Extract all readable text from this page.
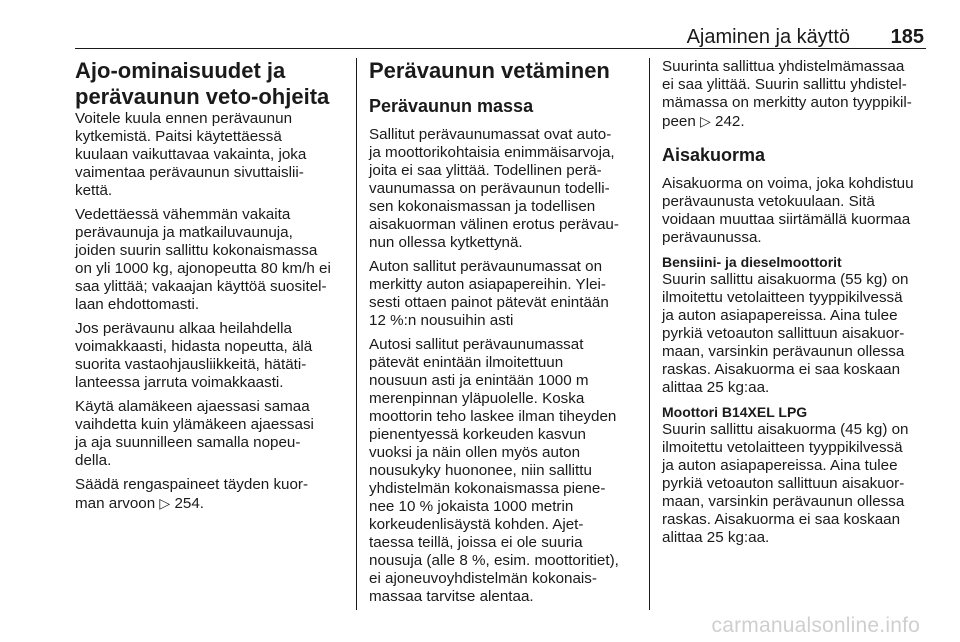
Ajaminen ja käyttö 185
Ajo-ominaisuudet ja
perävaunun veto-ohjeita

Voitele kuula ennen perävaunun
kytkemistä. Paitsi käytettäessä
kuulaan vaikuttavaa vakainta, joka
vaimentaa perävaunun sivuttaislii-
kettä.

Vedettäessä vähemmän vakaita
perävaunuja ja matkailuvaunuja,
joiden suurin sallittu kokonaismassa
on yli 1000 kg, ajonopeutta 80 km/h ei
saa ylittää; vakaajan käyttöä suositel-
laan ehdottomasti.

Jos perävaunu alkaa heilahdella
voimakkaasti, hidasta nopeutta, älä
suorita vastaohjausliikkeitä, hätäti-
lanteessa jarruta voimakkaasti.

Käytä alamäkeen ajaessasi samaa
vaihdetta kuin ylämäkeen ajaessasi
ja aja suunnilleen samalla nopeu-
della.

Säädä rengaspaineet täyden kuor-
man arvoon ▷ 254.

Perävaunun vetäminen
Perävaunun massa

Sallitut perävaunumassat ovat auto-
ja moottorikohtaisia enimmäisarvoja,
joita ei saa ylittää. Todellinen perä-
vaunumassa on perävaunun todelli-
sen kokonaismassan ja todellisen
aisakuorman välinen erotus perävau-
nun ollessa kytkettynä.

Auton sallitut perävaunumassat on
merkitty auton asiapapereihin. Ylei-
sesti ottaen painot pätevät enintään
12 %:n nousuihin asti

Autosi sallitut perävaunumassat
pätevät enintään ilmoitettuun
nousuun asti ja enintään 1000 m
merenpinnan yläpuolelle. Koska
moottorin teho laskee ilman tiheyden
pienentyessä korkeuden kasvun
vuoksi ja näin ollen myös auton
nousukyky huononee, niin sallittu
yhdistelmän kokonaismassa piene-
nee 10 % jokaista 1000 metrin
korkeudenlisäystä kohden. Ajet-
taessa teillä, joissa ei ole suuria
nousuja (alle 8 %, esim. moottoritiet),
ei ajoneuvoyhdistelmän kokonais-
massaa tarvitse alentaa.

Suurinta sallittua yhdistelmämassaa
ei saa ylittää. Suurin sallittu yhdistel-
mämassa on merkitty auton tyyppikil-
peen ▷ 242.

Aisakuorma

Aisakuorma on voima, joka kohdistuu
perävaunusta vetokuulaan. Sitä
voidaan muuttaa siirtämällä kuormaa
perävaunussa.

Bensiini- ja dieselmoottorit

Suurin sallittu aisakuorma (55 kg) on
ilmoitettu vetolaitteen tyyppikilvessä
ja auton asiapapereissa. Aina tulee
pyrkiä vetoauton sallittuun aisakuor-
maan, varsinkin perävaunun ollessa
raskas. Aisakuorma ei saa koskaan
alittaa 25 kg:aa.

Moottori B14XEL LPG

Suurin sallittu aisakuorma (45 kg) on
ilmoitettu vetolaitteen tyyppikilvessä
ja auton asiapapereissa. Aina tulee
pyrkiä vetoauton sallittuun aisakuor-
maan, varsinkin perävaunun ollessa
raskas. Aisakuorma ei saa koskaan
alittaa 25 kg:aa.

carmanualsonline.info
